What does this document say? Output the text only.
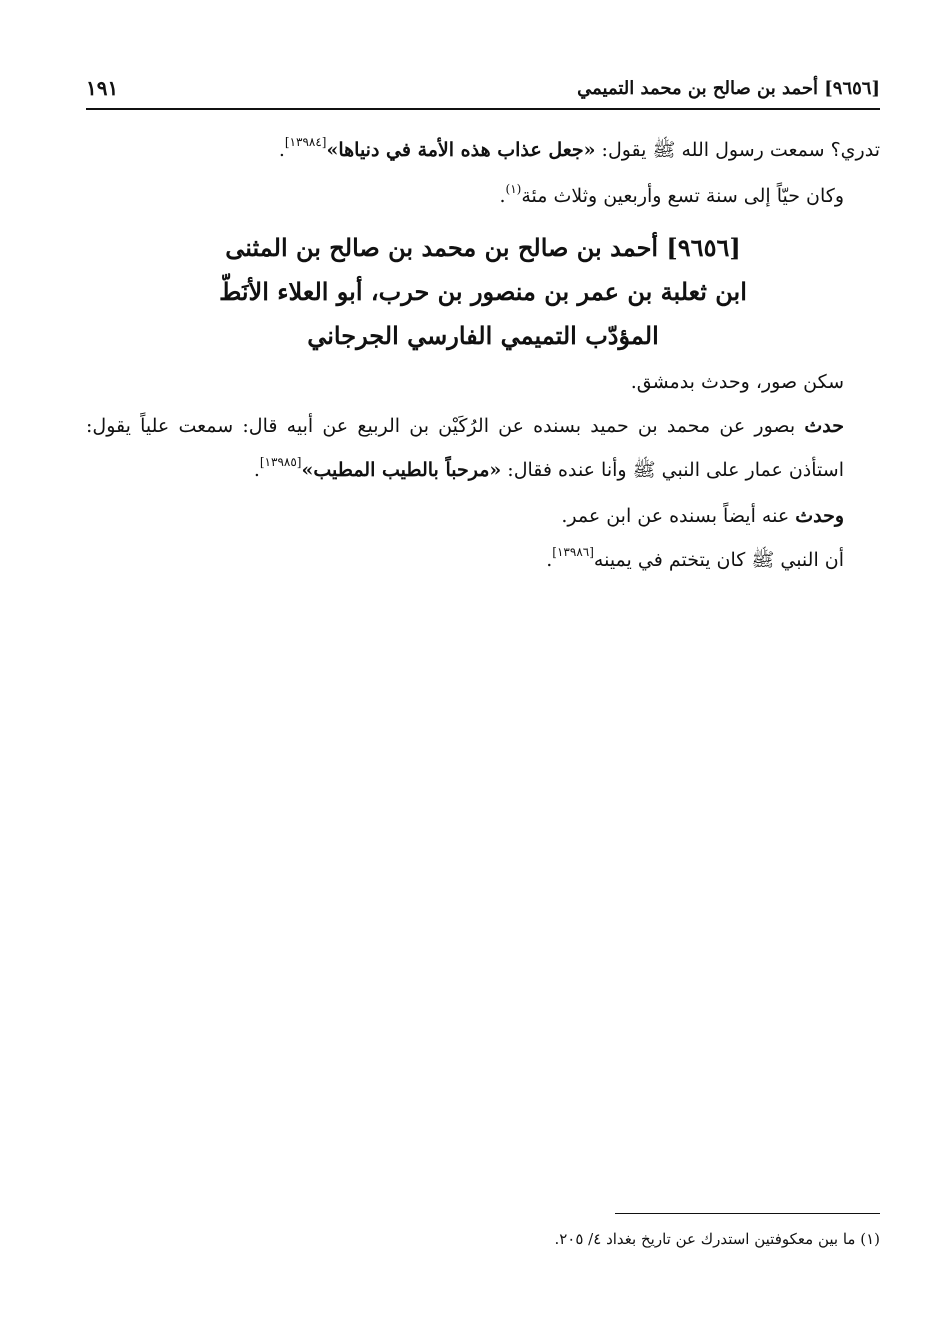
[٩٦٥٦] أحمد بن صالح بن محمد التميمي
١٩١

تدري؟ سمعت رسول الله ﷺ يقول: «جعل عذاب هذه الأمة في دنياها»[١٣٩٨٤].

وكان حيّاً إلى سنة تسع وأربعين وثلاث مئة$^{(١)}$.

[٩٦٥٦] أحمد بن صالح بن محمد بن صالح بن المثنى
ابن ثعلبة بن عمر بن منصور بن حرب، أبو العلاء الأنَطّ
المؤدّب التميمي الفارسي الجرجاني

سكن صور، وحدث بدمشق.

حدث بصور عن محمد بن حميد بسنده عن الرُكَيْن بن الربيع عن أبيه قال: سمعت علياً يقول: استأذن عمار على النبي ﷺ وأنا عنده فقال: «مرحباً بالطيب المطيب»[١٣٩٨٥].

وحدث عنه أيضاً بسنده عن ابن عمر.

أن النبي ﷺ كان يتختم في يمينه[١٣٩٨٦].

(١) ما بين معكوفتين استدرك عن تاريخ بغداد ٤/ ٢٠٥.
